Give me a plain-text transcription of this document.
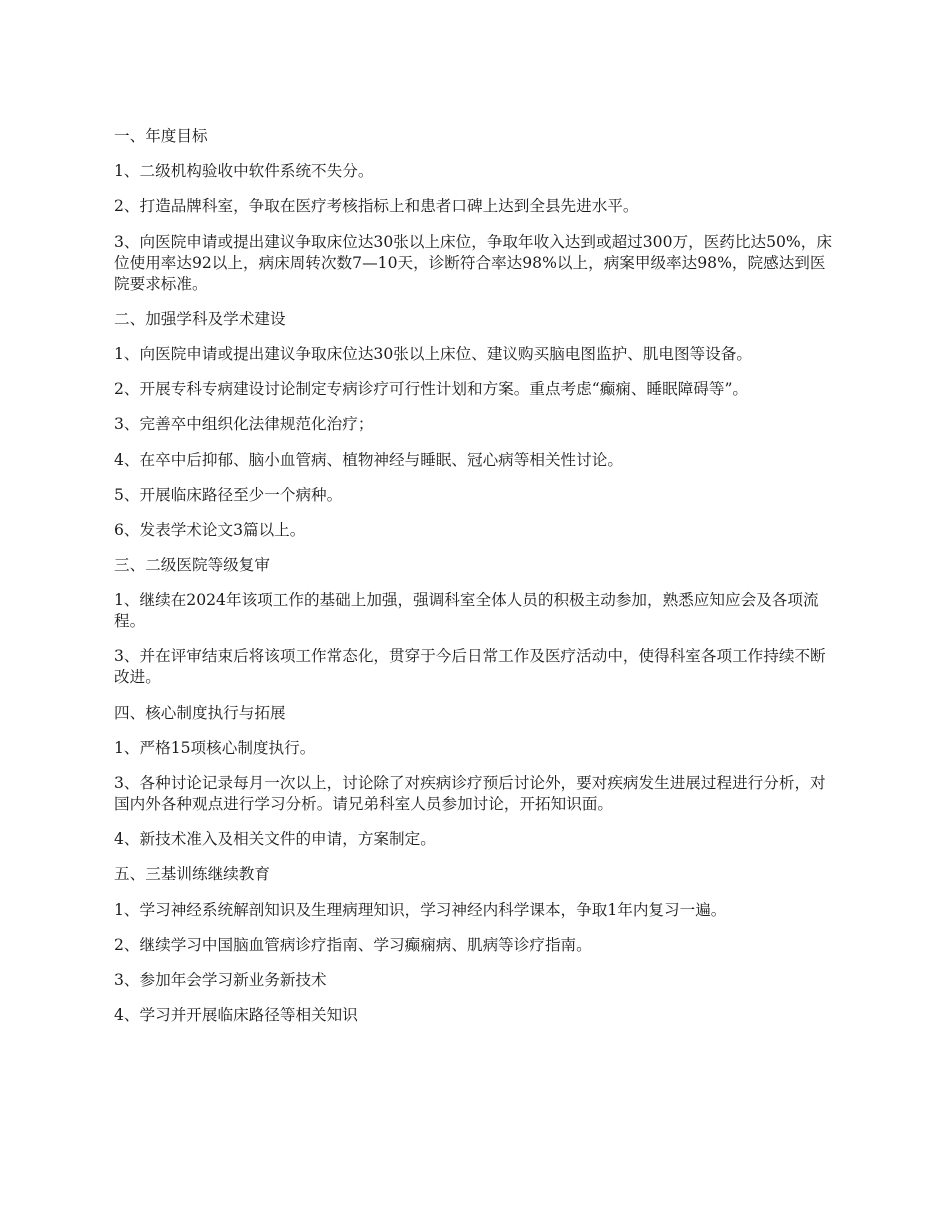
一、年度目标

1、二级机构验收中软件系统不失分。

2、打造品牌科室，争取在医疗考核指标上和患者口碑上达到全县先进水平。

3、向医院申请或提出建议争取床位达30张以上床位，争取年收入达到或超过300万，医药比达50%，床位使用率达92以上，病床周转次数7—10天，诊断符合率达98%以上，病案甲级率达98%，院感达到医院要求标准。

二、加强学科及学术建设

1、向医院申请或提出建议争取床位达30张以上床位、建议购买脑电图监护、肌电图等设备。

2、开展专科专病建设讨论制定专病诊疗可行性计划和方案。重点考虑“癫痫、睡眠障碍等”。

3、完善卒中组织化法律规范化治疗；

4、在卒中后抑郁、脑小血管病、植物神经与睡眠、冠心病等相关性讨论。

5、开展临床路径至少一个病种。

6、发表学术论文3篇以上。

三、二级医院等级复审

1、继续在2024年该项工作的基础上加强，强调科室全体人员的积极主动参加，熟悉应知应会及各项流程。

3、并在评审结束后将该项工作常态化，贯穿于今后日常工作及医疗活动中，使得科室各项工作持续不断改进。

四、核心制度执行与拓展

1、严格15项核心制度执行。

3、各种讨论记录每月一次以上，讨论除了对疾病诊疗预后讨论外，要对疾病发生进展过程进行分析，对国内外各种观点进行学习分析。请兄弟科室人员参加讨论，开拓知识面。

4、新技术准入及相关文件的申请，方案制定。

五、三基训练继续教育

1、学习神经系统解剖知识及生理病理知识，学习神经内科学课本，争取1年内复习一遍。

2、继续学习中国脑血管病诊疗指南、学习癫痫病、肌病等诊疗指南。

3、参加年会学习新业务新技术

4、学习并开展临床路径等相关知识
